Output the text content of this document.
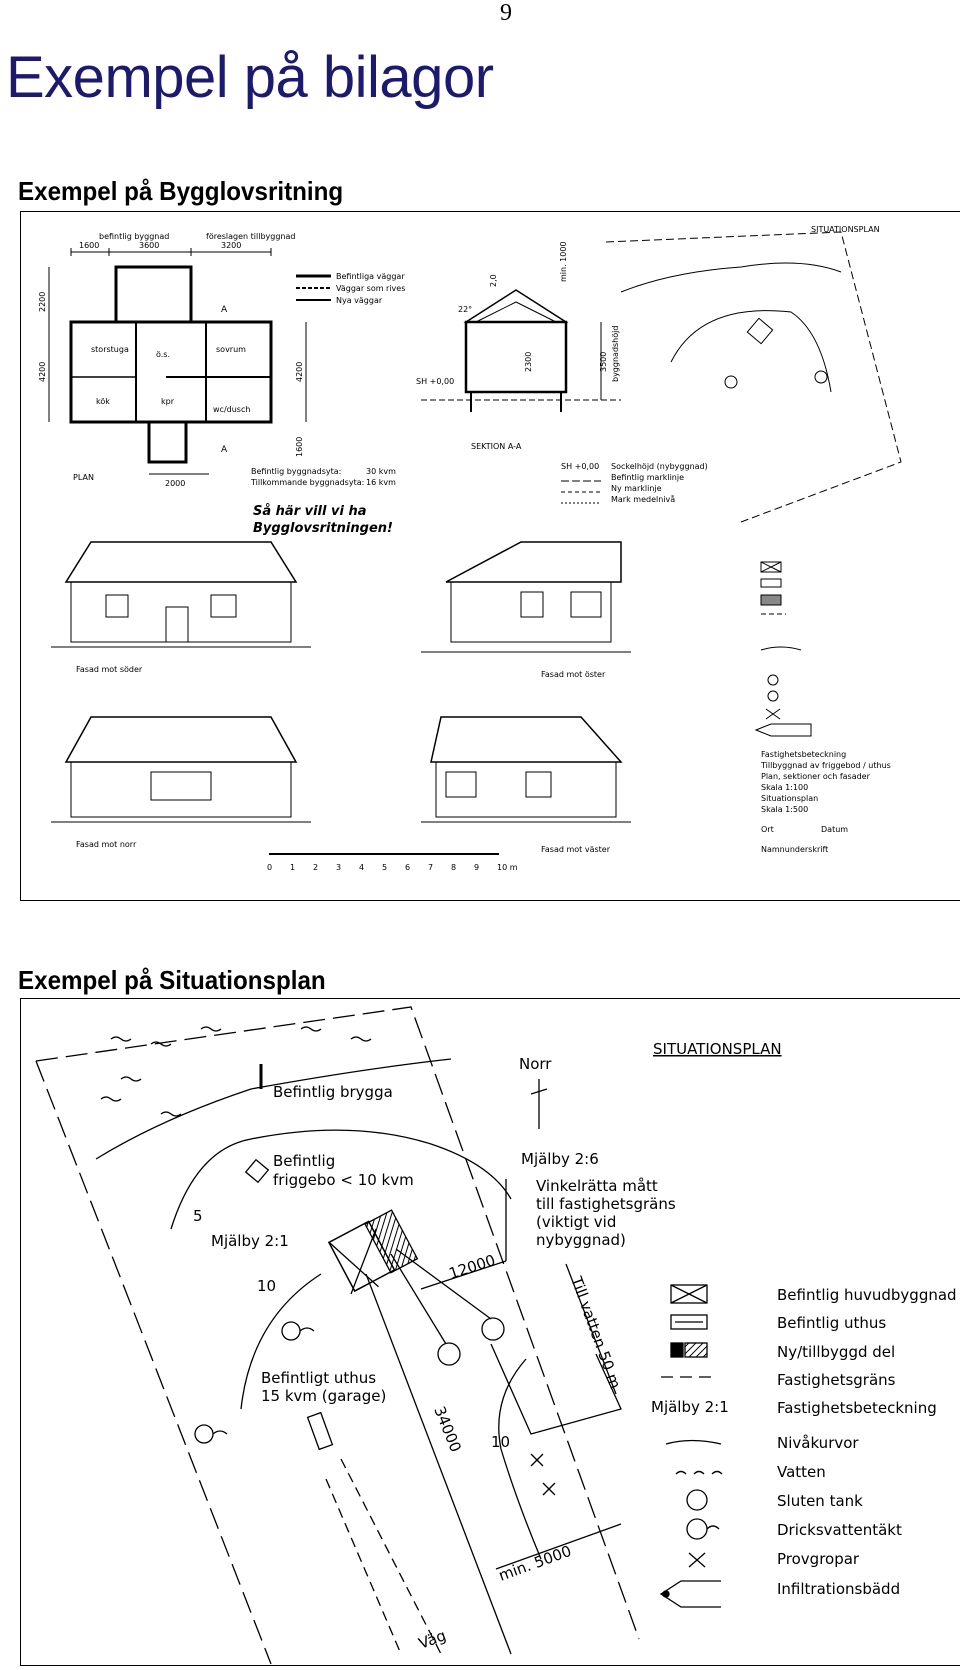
9
Exempel på bilagor
Exempel på Bygglovsritning
befintlig byggnad	föreslagen tillbyggnad
1600	3600	3200
2200
4200	4200
1600
storstuga
ö.s.
sovrum
kök	kpr
wc/dusch
A
A
2000
PLAN
Befintliga väggar
Väggar som rives
Nya väggar
Befintlig byggnadsyta:	30 kvm
Tillkommande byggnadsyta: 16 kvm
Så här vill vi ha
Bygglovsritningen!
SH +0,00
22°
3500 byggnadshöjd
2300
min. 1000
2,0
SEKTION A-A
SH +0,00 Sockelhöjd (nybyggnad)
Befintlig marklinje
Ny marklinje
Mark medelnivå
SITUATIONSPLAN
Fastighetsbeteckning
Tillbyggnad av friggebod / uthus
Plan, sektioner och fasader
Skala 1:100
Situationsplan
Skala 1:500
Ort	Datum
Namnunderskrift
Fasad mot söder
Fasad mot öster
Fasad mot norr
Fasad mot väster
0 1 2 3 4 5 6 7 8 9 10 m
Exempel på Situationsplan
SITUATIONSPLAN
Befintlig brygga
Norr
Mjälby 2:6
5
Befintlig
friggebo < 10 kvm
Mjälby 2:1
12000
Vinkelrätta mått
till fastighetsgräns
(viktigt vid
nybyggnad)
Till vatten 50 m
34000 10
10
Befintligt uthus
15 kvm (garage)
Väg
min. 5000
Mjälby 2:1
Befintlig huvudbyggnad
Befintlig uthus
Ny/tillbyggd del
Fastighetsgräns
Fastighetsbeteckning
Nivåkurvor
Vatten
Sluten tank
Dricksvattentäkt
Provgropar
Infiltrationsbädd
